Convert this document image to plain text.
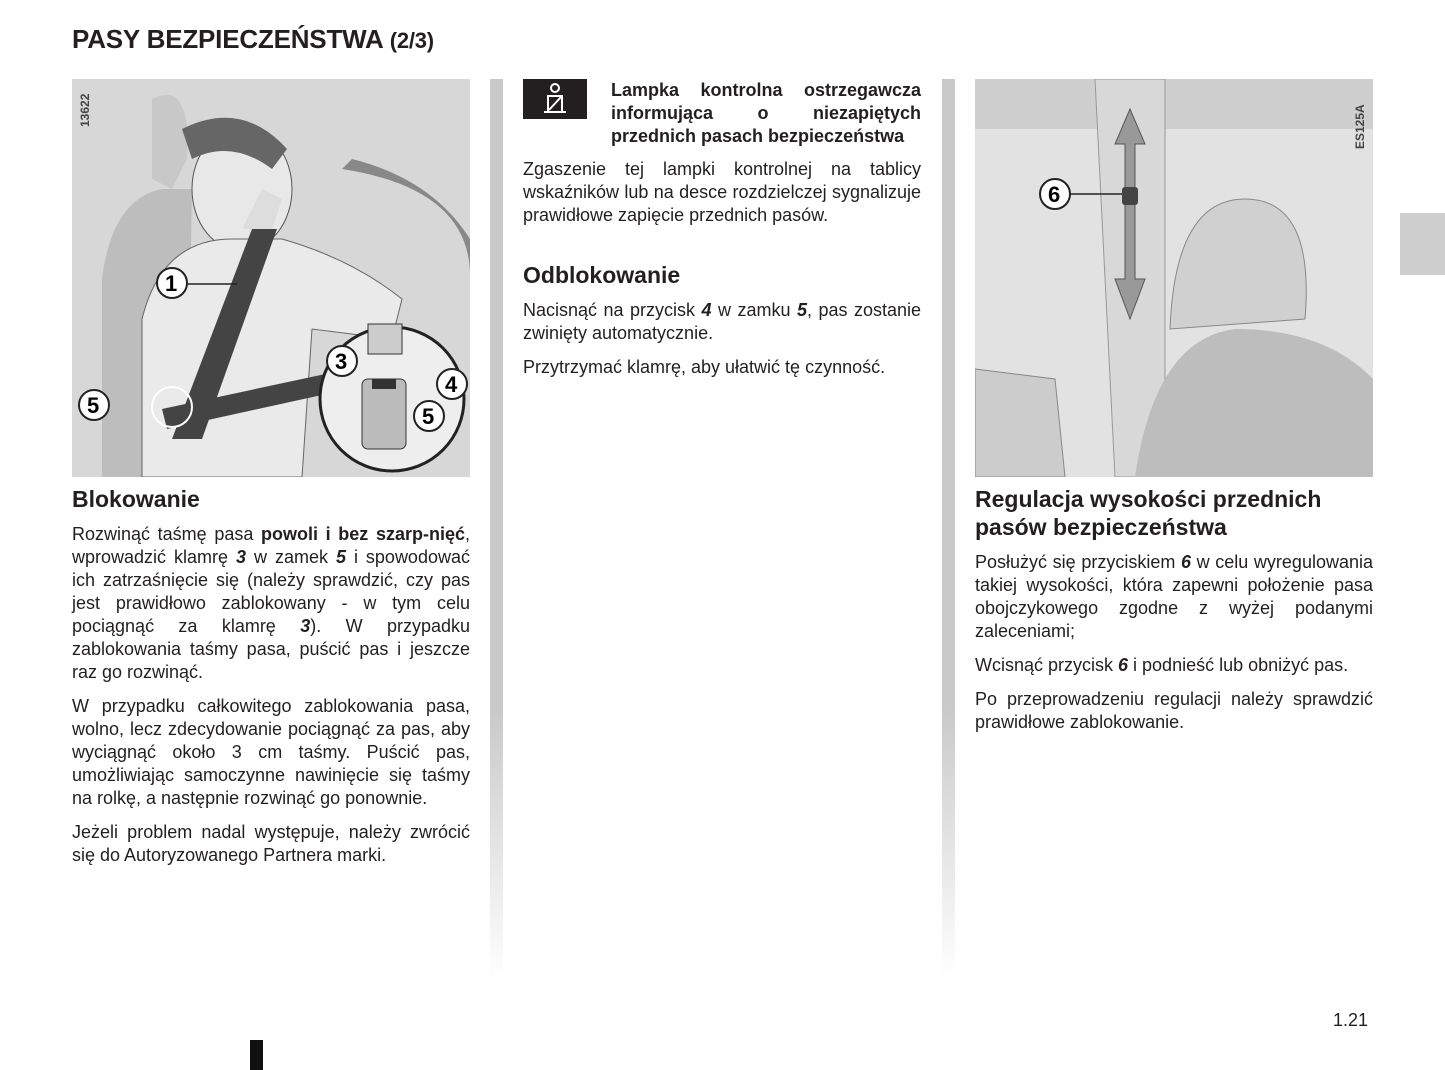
PASY BEZPIECZEŃSTWA (2/3)
1
3
4
5
5
13622
Blokowanie

Rozwinąć taśmę pasa powoli i bez szarp-nięć, wprowadzić klamrę 3 w zamek 5 i spowodować ich zatrzaśnięcie się (należy sprawdzić, czy pas jest prawidłowo zablokowany - w tym celu pociągnąć za klamrę 3). W przypadku zablokowania taśmy pasa, puścić pas i jeszcze raz go rozwinąć.

W przypadku całkowitego zablokowania pasa, wolno, lecz zdecydowanie pociągnąć za pas, aby wyciągnąć około 3 cm taśmy. Puścić pas, umożliwiając samoczynne nawinięcie się taśmy na rolkę, a następnie rozwinąć go ponownie.

Jeżeli problem nadal występuje, należy zwrócić się do Autoryzowanego Partnera marki.

Lampka kontrolna ostrzegawcza informująca o niezapiętych przednich pasach bezpieczeństwa

Zgaszenie tej lampki kontrolnej na tablicy wskaźników lub na desce rozdzielczej sygnalizuje prawidłowe zapięcie przednich pasów.

Odblokowanie

Nacisnąć na przycisk 4 w zamku 5, pas zostanie zwinięty automatycznie.

Przytrzymać klamrę, aby ułatwić tę czynność.

6
ES125A
Regulacja wysokości przednich pasów bezpieczeństwa

Posłużyć się przyciskiem 6 w celu wyregulowania takiej wysokości, która zapewni położenie pasa obojczykowego zgodne z wyżej podanymi zaleceniami;

Wcisnąć przycisk 6 i podnieść lub obniżyć pas.

Po przeprowadzeniu regulacji należy sprawdzić prawidłowe zablokowanie.

1.21
